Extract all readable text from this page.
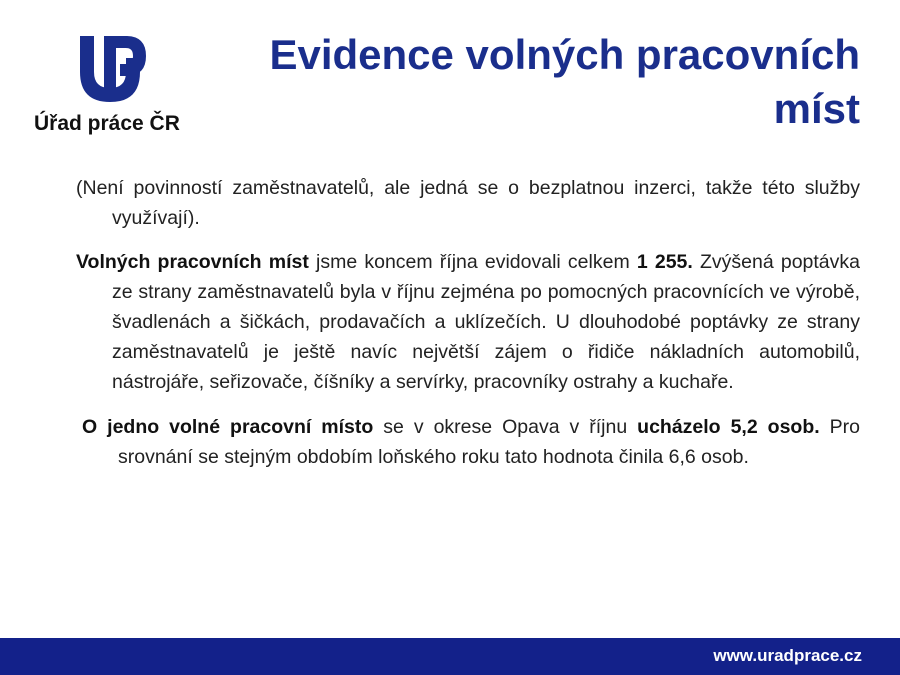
Úřad práce ČR
Evidence volných pracovních míst

(Není povinností zaměstnavatelů, ale jedná se o bezplatnou inzerci, takže této služby využívají).

Volných pracovních míst jsme koncem října evidovali celkem 1 255. Zvýšená poptávka ze strany zaměstnavatelů byla v říjnu zejména po pomocných pracovnících ve výrobě, švadlenách a šičkách, prodavačích a uklízečích. U dlouhodobé poptávky ze strany zaměstnavatelů je ještě navíc největší zájem o řidiče nákladních automobilů, nástrojáře, seřizovače, číšníky a servírky, pracovníky ostrahy a kuchaře.

O jedno volné pracovní místo se v okrese Opava v říjnu ucházelo 5,2 osob. Pro srovnání se stejným obdobím loňského roku tato hodnota činila 6,6 osob.

www.uradprace.cz
